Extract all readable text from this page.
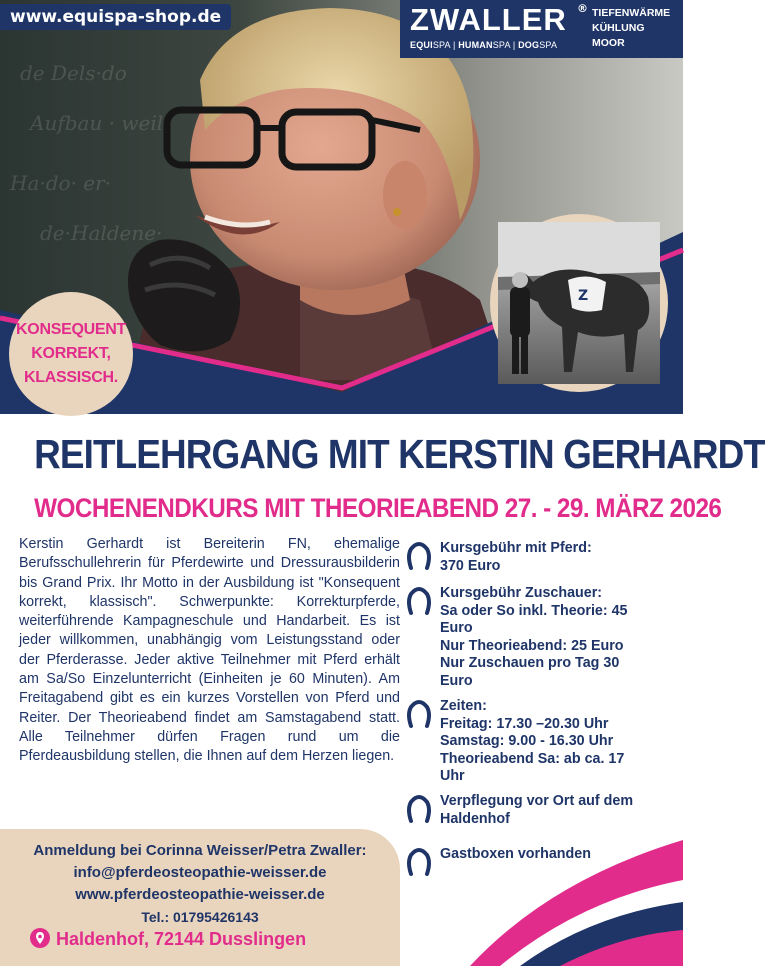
de Dels·do
Aufbau · weil
Ha·do· er·
de·Haldene·
www.equispa-shop.de	ZWALLER ®
EQUISPA | HUMANSPA | DOGSPA
TIEFENWÄRME
KÜHLUNG
MOOR
KONSEQUENT
KORREKT,
KLASSISCH.
Z
REITLEHRGANG MIT KERSTIN GERHARDT
WOCHENENDKURS MIT THEORIEABEND 27. - 29. MÄRZ 2026

Kerstin Gerhardt ist Bereiterin FN, ehemalige Berufsschullehrerin für Pferdewirte und Dressurausbilderin bis Grand Prix. Ihr Motto in der Ausbildung ist "Konsequent korrekt, klassisch". Schwerpunkte: Korrekturpferde, weiterführende Kampagneschule und Handarbeit. Es ist jeder willkommen, unabhängig vom Leistungsstand oder der Pferderasse. Jeder aktive Teilnehmer mit Pferd erhält am Sa/So Einzelunterricht (Einheiten je 60 Minuten). Am Freitagabend gibt es ein kurzes Vorstellen von Pferd und Reiter. Der Theorieabend findet am Samstagabend statt. Alle Teilnehmer dürfen Fragen rund um die Pferdeausbildung stellen, die Ihnen auf dem Herzen liegen.

Kursgebühr mit Pferd:
370 Euro
Kursgebühr Zuschauer:
Sa oder So inkl. Theorie: 45 Euro
Nur Theorieabend: 25 Euro
Nur Zuschauen pro Tag 30 Euro
Zeiten:
Freitag: 17.30 –20.30 Uhr
Samstag: 9.00 - 16.30 Uhr
Theorieabend Sa: ab ca. 17 Uhr
Verpflegung vor Ort auf dem Haldenhof
Gastboxen vorhanden
Anmeldung bei Corinna Weisser/Petra Zwaller:
info@pferdeosteopathie-weisser.de
www.pferdeosteopathie-weisser.de
Tel.: 01795426143
Haldenhof, 72144 Dusslingen
